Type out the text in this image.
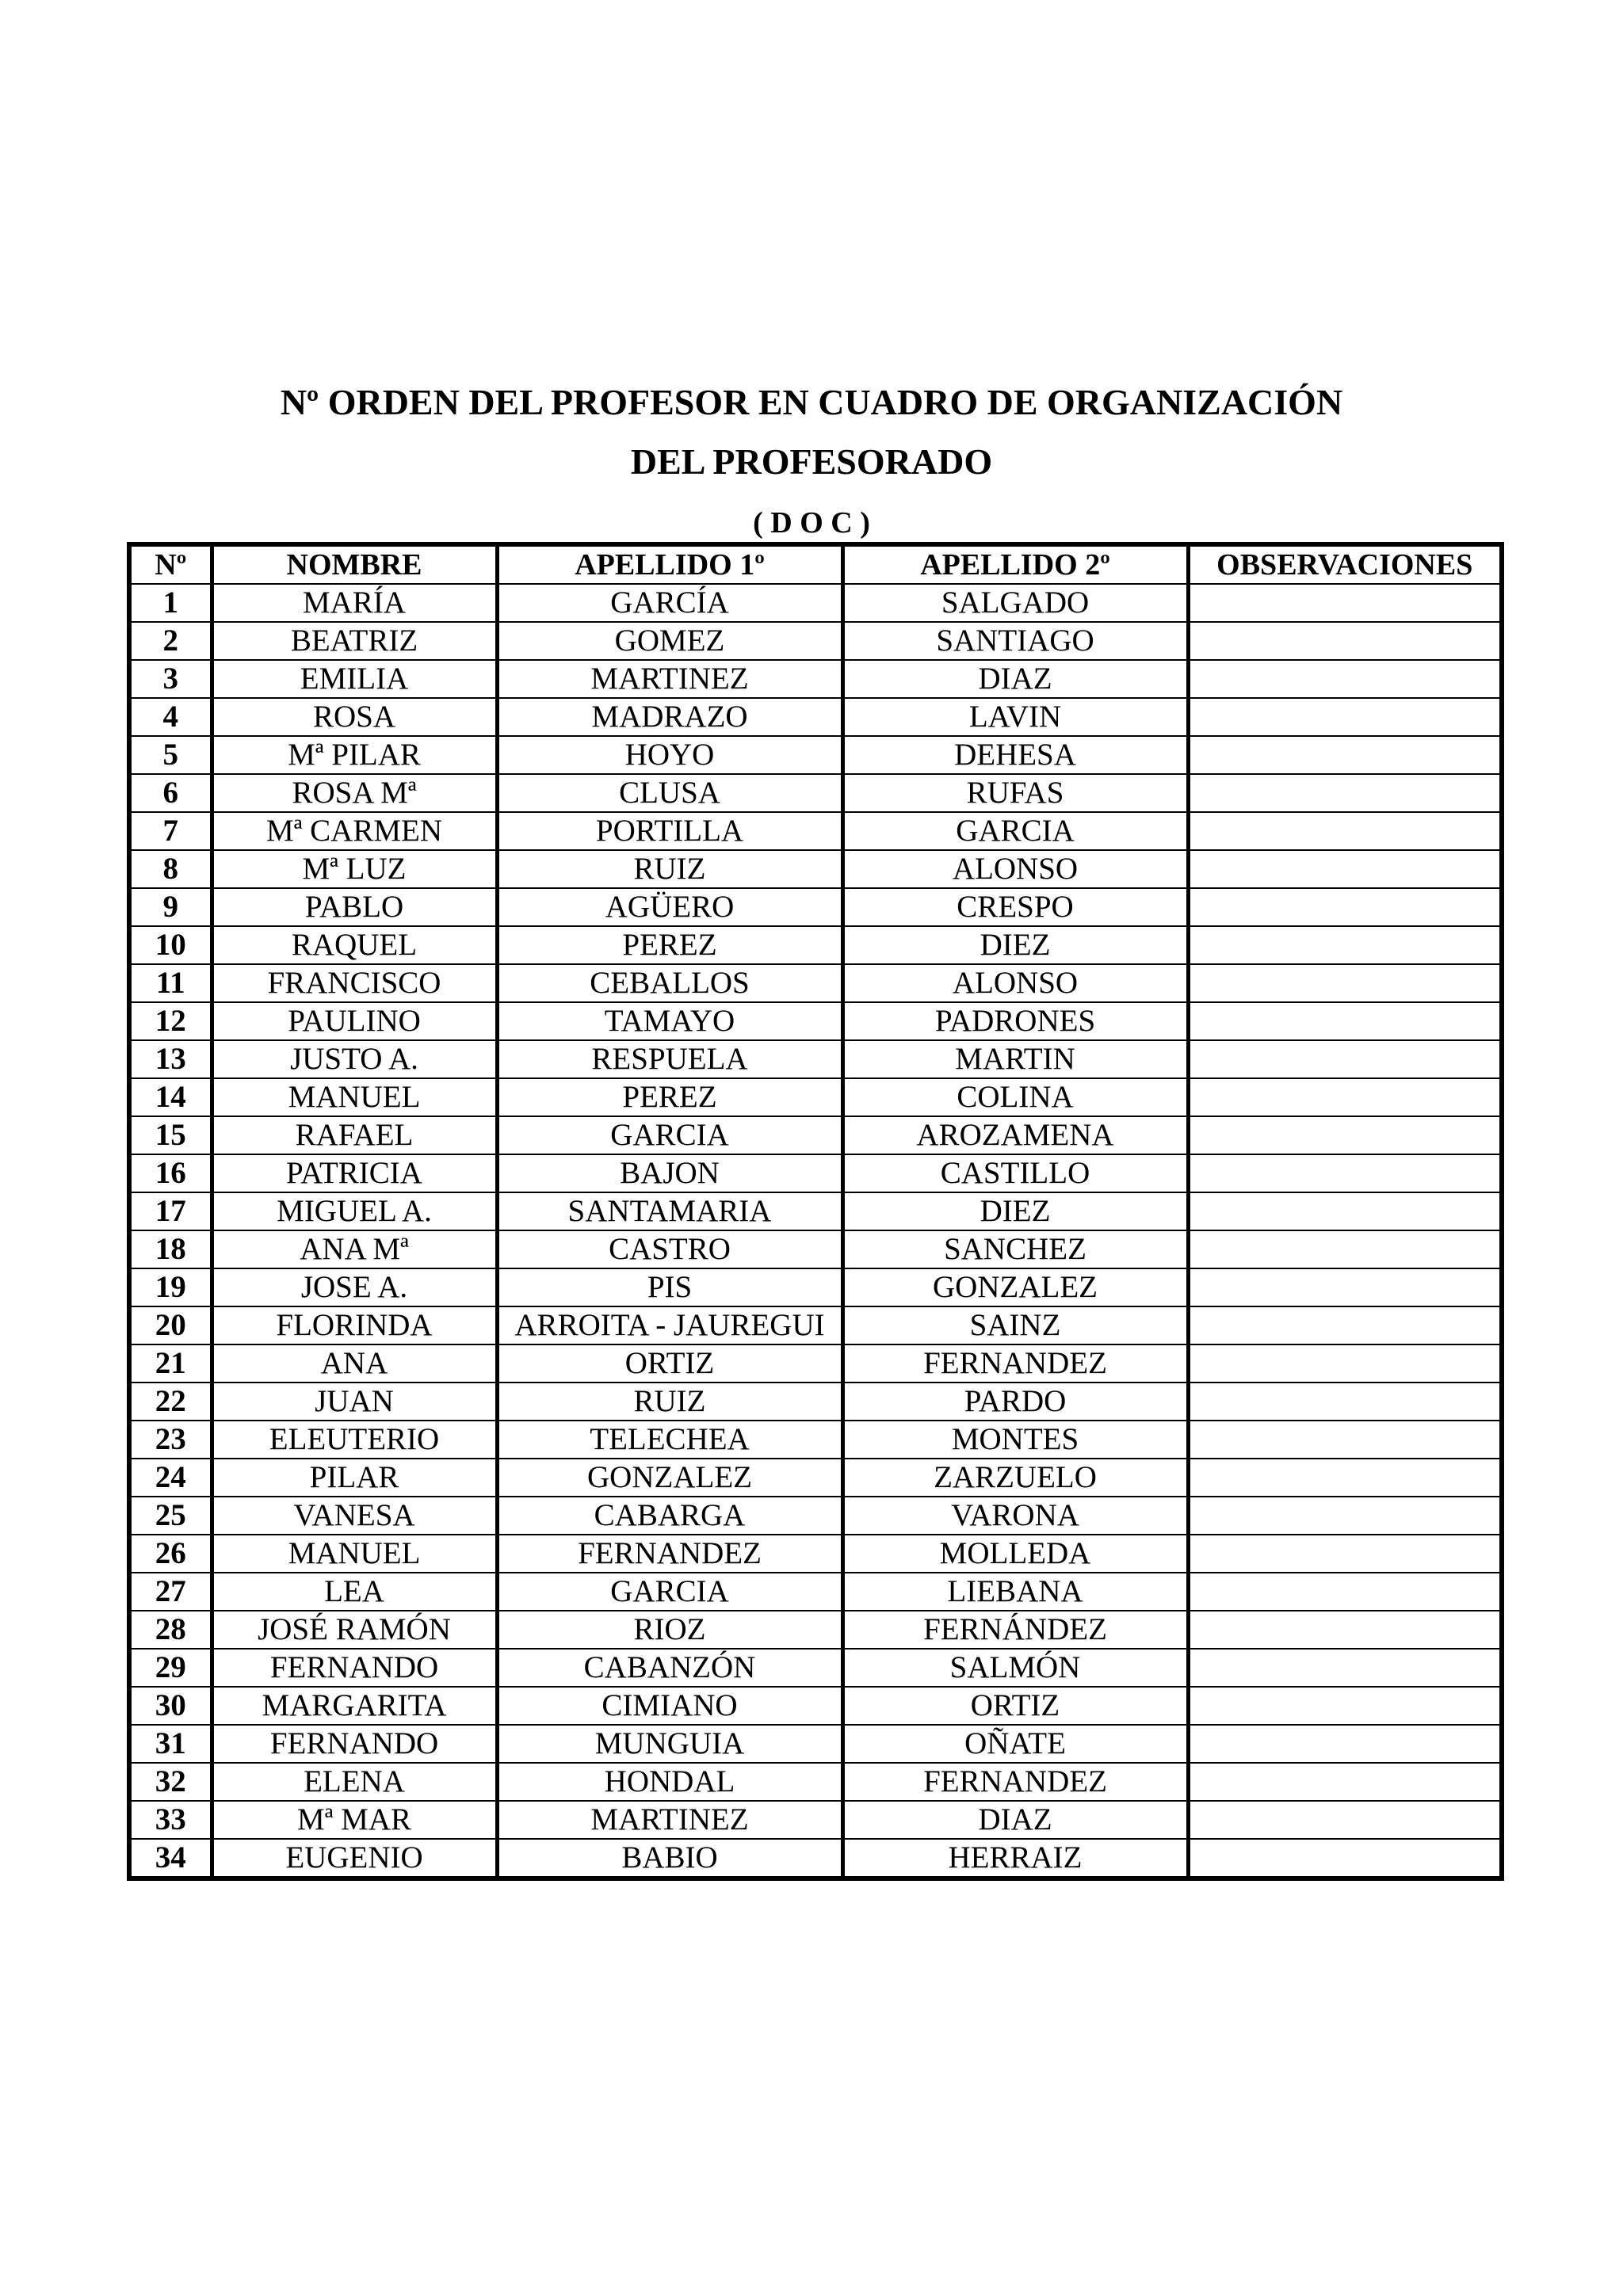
Nº ORDEN DEL PROFESOR EN CUADRO DE ORGANIZACIÓN
DEL PROFESORADO
( D O C )
Nº	NOMBRE	APELLIDO 1º	APELLIDO 2º	OBSERVACIONES
1	MARÍA	GARCÍA	SALGADO	
2	BEATRIZ	GOMEZ	SANTIAGO	
3	EMILIA	MARTINEZ	DIAZ	
4	ROSA	MADRAZO	LAVIN	
5	Mª PILAR	HOYO	DEHESA	
6	ROSA Mª	CLUSA	RUFAS	
7	Mª CARMEN	PORTILLA	GARCIA	
8	Mª LUZ	RUIZ	ALONSO	
9	PABLO	AGÜERO	CRESPO	
10	RAQUEL	PEREZ	DIEZ	
11	FRANCISCO	CEBALLOS	ALONSO	
12	PAULINO	TAMAYO	PADRONES	
13	JUSTO A.	RESPUELA	MARTIN	
14	MANUEL	PEREZ	COLINA	
15	RAFAEL	GARCIA	AROZAMENA	
16	PATRICIA	BAJON	CASTILLO	
17	MIGUEL A.	SANTAMARIA	DIEZ	
18	ANA Mª	CASTRO	SANCHEZ	
19	JOSE A.	PIS	GONZALEZ	
20	FLORINDA	ARROITA - JAUREGUI	SAINZ	
21	ANA	ORTIZ	FERNANDEZ	
22	JUAN	RUIZ	PARDO	
23	ELEUTERIO	TELECHEA	MONTES	
24	PILAR	GONZALEZ	ZARZUELO	
25	VANESA	CABARGA	VARONA	
26	MANUEL	FERNANDEZ	MOLLEDA	
27	LEA	GARCIA	LIEBANA	
28	JOSÉ RAMÓN	RIOZ	FERNÁNDEZ	
29	FERNANDO	CABANZÓN	SALMÓN	
30	MARGARITA	CIMIANO	ORTIZ	
31	FERNANDO	MUNGUIA	OÑATE	
32	ELENA	HONDAL	FERNANDEZ	
33	Mª MAR	MARTINEZ	DIAZ	
34	EUGENIO	BABIO	HERRAIZ	
